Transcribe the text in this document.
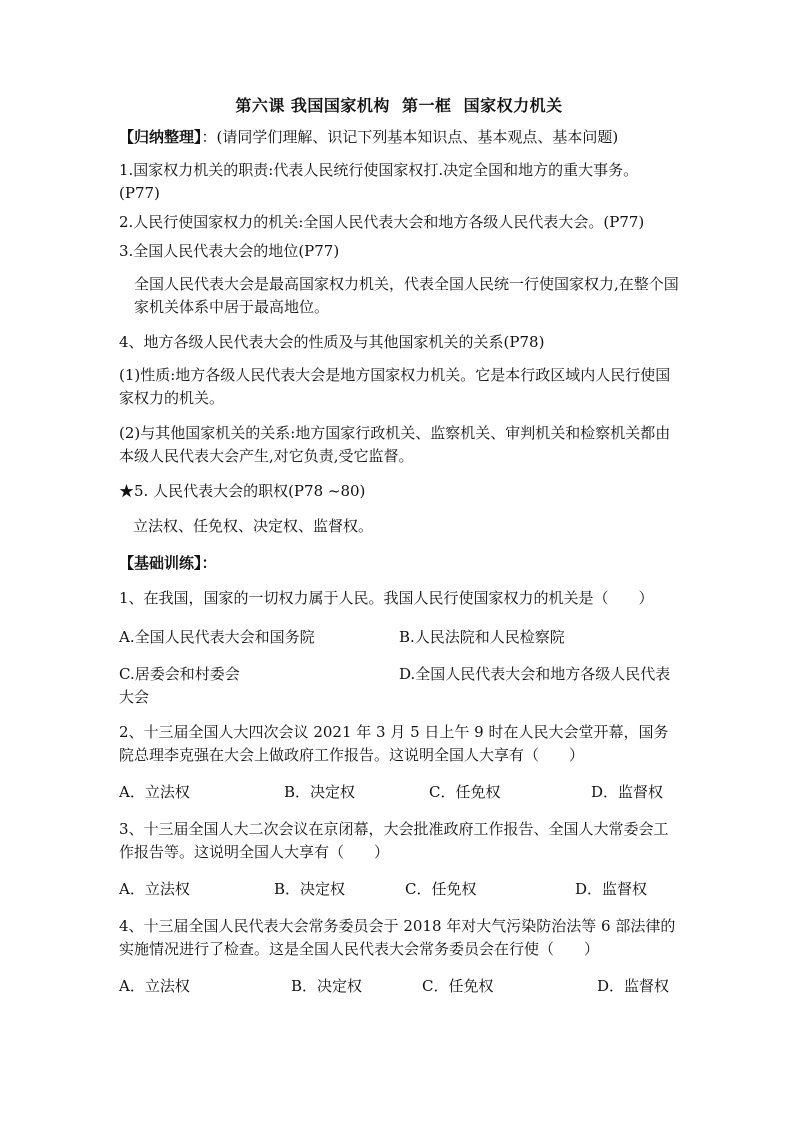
第六课 我国国家机构  第一框  国家权力机关
【归纳整理】：(请同学们理解、识记下列基本知识点、基本观点、基本问题)
1.国家权力机关的职责:代表人民统行使国家权打.决定全国和地方的重大事务。(P77)
2.人民行使国家权力的机关:全国人民代表大会和地方各级人民代表大会。(P77)
3.全国人民代表大会的地位(P77)
全国人民代表大会是最高国家权力机关，代表全国人民统一行使国家权力,在整个国家机关体系中居于最高地位。
4、地方各级人民代表大会的性质及与其他国家机关的关系(P78)
(1)性质:地方各级人民代表大会是地方国家权力机关。它是本行政区域内人民行使国家权力的机关。
(2)与其他国家机关的关系:地方国家行政机关、监察机关、审判机关和检察机关都由本级人民代表大会产生,对它负责,受它监督。
★5. 人民代表大会的职权(P78 ~80)
立法权、任免权、决定权、监督权。
【基础训练】：
1、在我国，国家的一切权力属于人民。我国人民行使国家权力的机关是（　　）
A.全国人民代表大会和国务院	B.人民法院和人民检察院
C.居委会和村委会	D.全国人民代表大会和地方各级人民代表大会
2、十三届全国人大四次会议 2021 年 3 月 5 日上午 9 时在人民大会堂开幕，国务院总理李克强在大会上做政府工作报告。这说明全国人大享有（　　）
A．立法权	B．决定权	C．任免权	D．监督权
3、十三届全国人大二次会议在京闭幕，大会批准政府工作报告、全国人大常委会工作报告等。这说明全国人大享有（　　）
A．立法权	B．决定权	C．任免权	D．监督权
4、十三届全国人民代表大会常务委员会于 2018 年对大气污染防治法等 6 部法律的实施情况进行了检查。这是全国人民代表大会常务委员会在行使（　　）
A．立法权	B．决定权	C．任免权	D．监督权
